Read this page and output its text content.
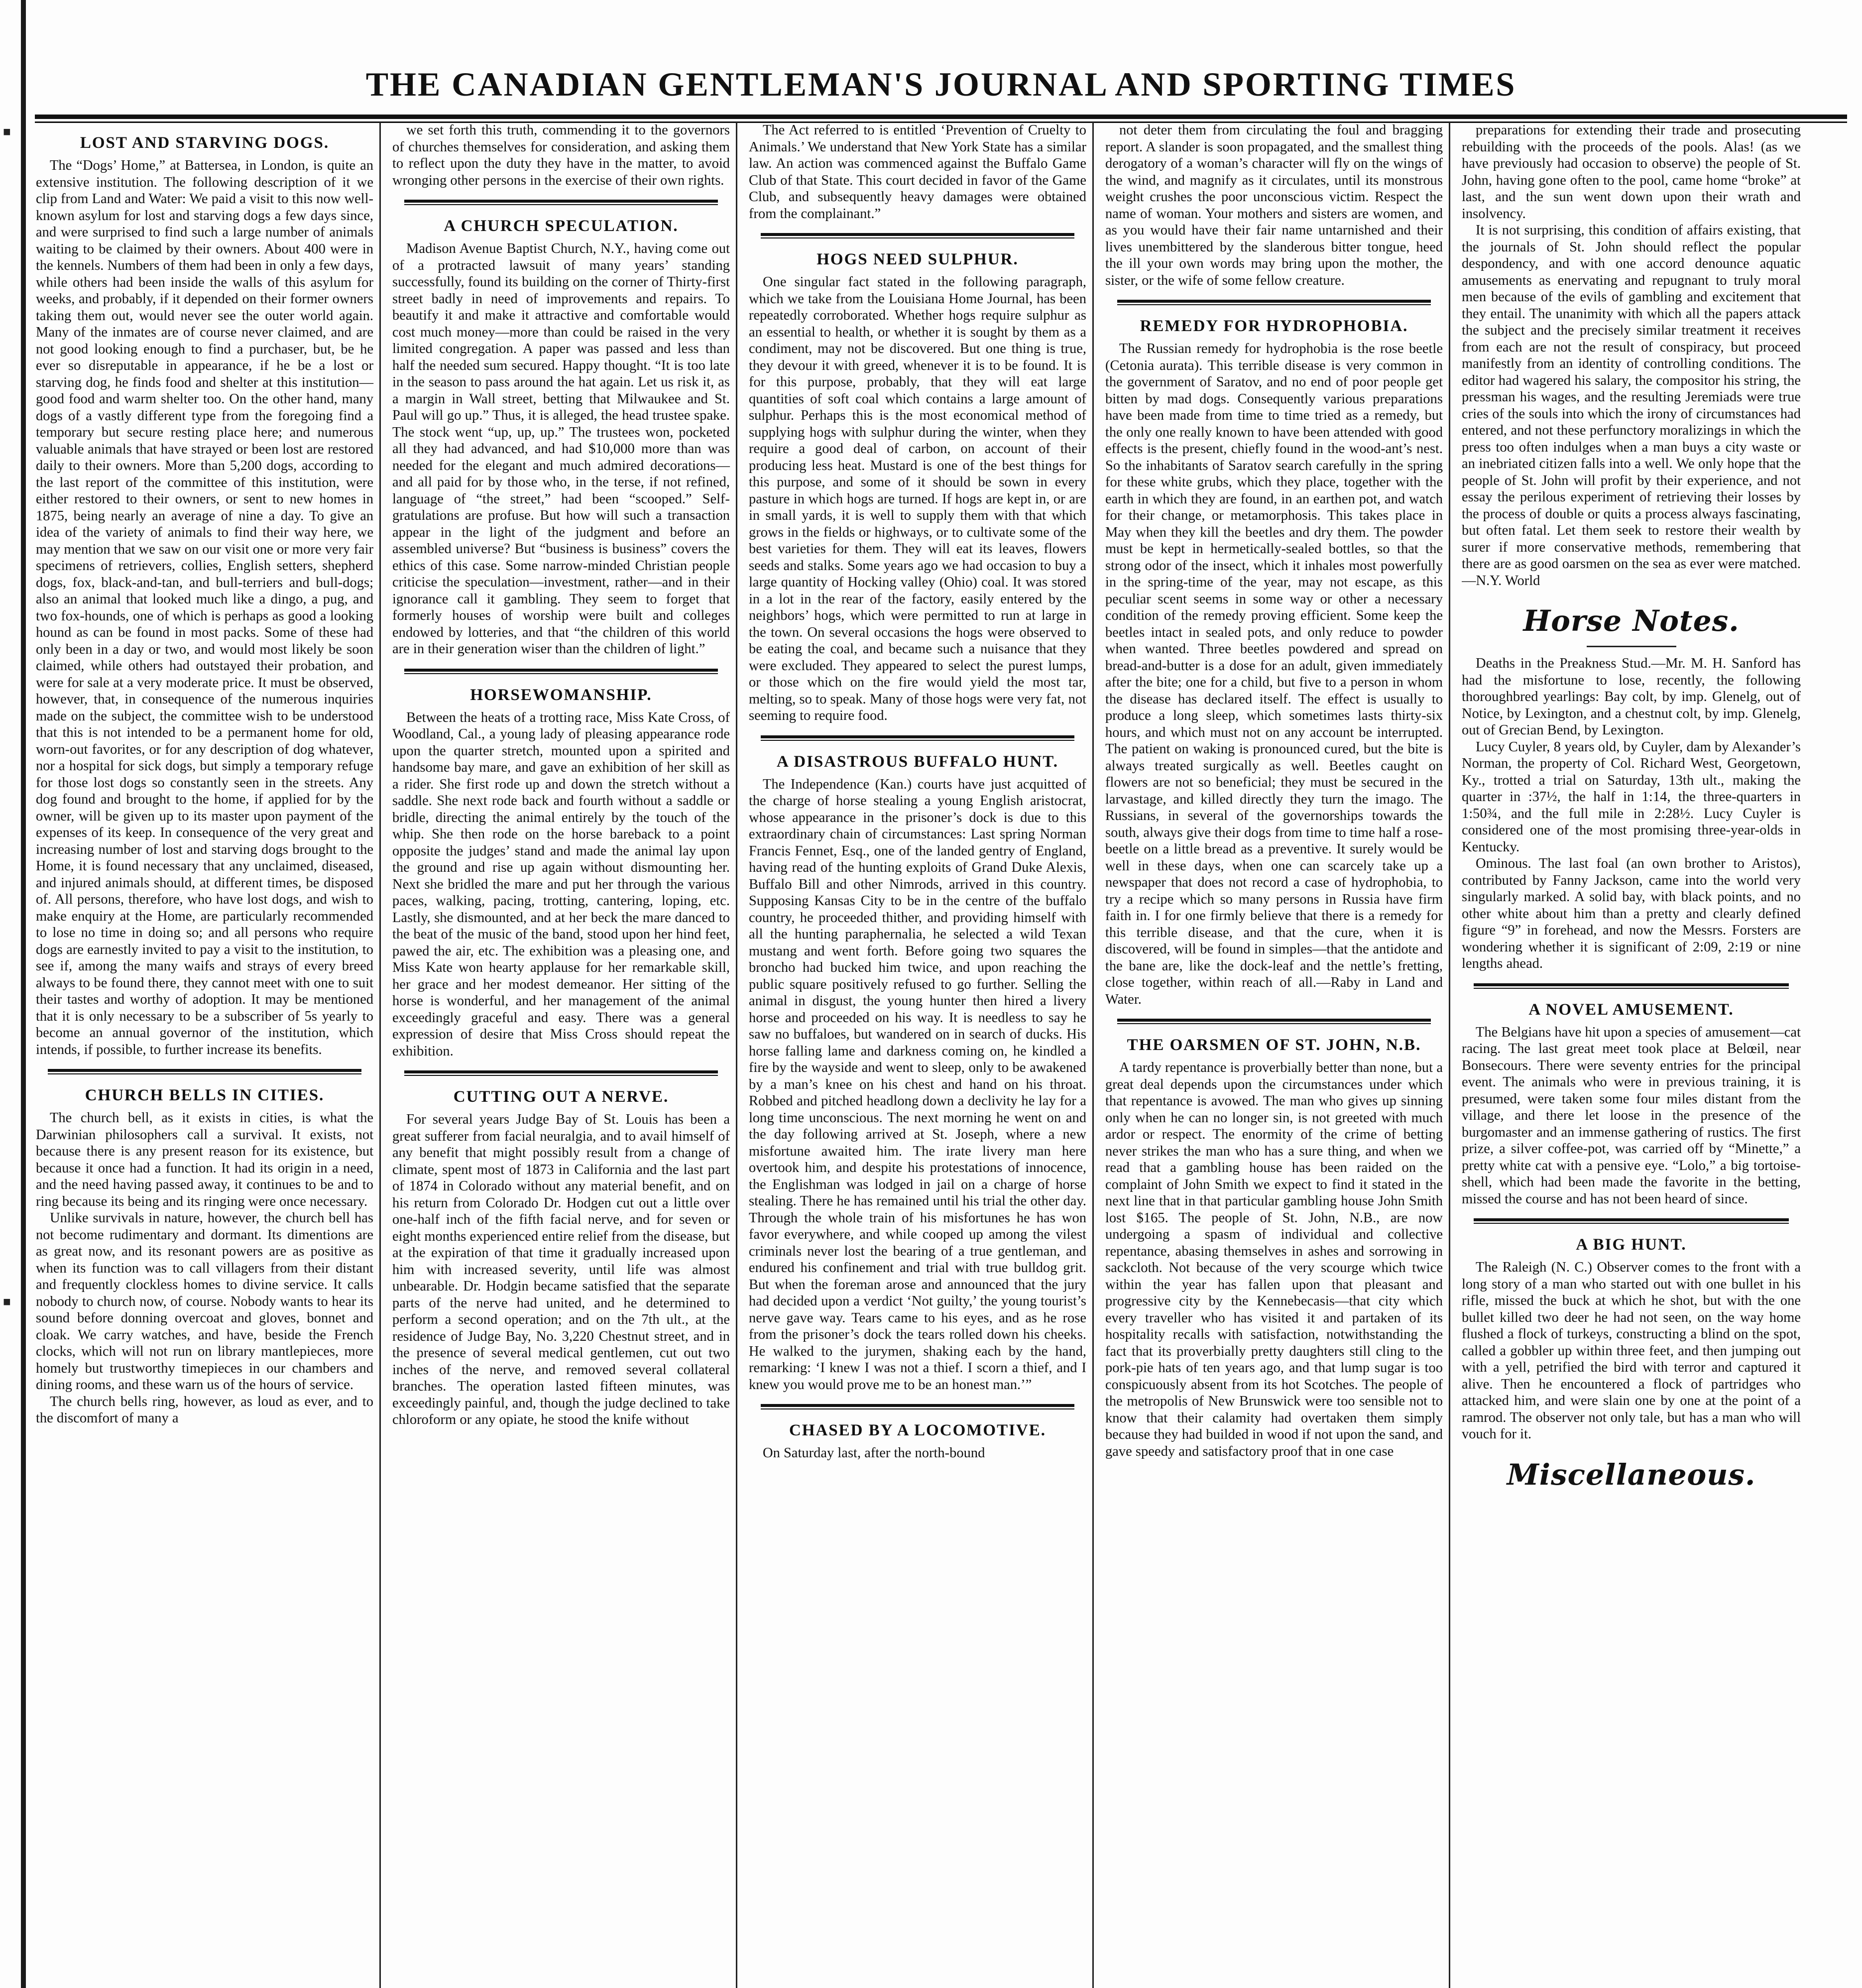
■
■
THE CANADIAN GENTLEMAN'S JOURNAL AND SPORTING TIMES
LOST AND STARVING DOGS.

The “Dogs’ Home,” at Battersea, in London, is quite an extensive institution. The following description of it we clip from Land and Water: We paid a visit to this now well-known asylum for lost and starving dogs a few days since, and were surprised to find such a large number of animals waiting to be claimed by their owners. About 400 were in the kennels. Numbers of them had been in only a few days, while others had been inside the walls of this asylum for weeks, and probably, if it depended on their former owners taking them out, would never see the outer world again. Many of the inmates are of course never claimed, and are not good looking enough to find a purchaser, but, be he ever so disreputable in appearance, if he be a lost or starving dog, he finds food and shelter at this institution—good food and warm shelter too. On the other hand, many dogs of a vastly different type from the foregoing find a temporary but secure resting place here; and numerous valuable animals that have strayed or been lost are restored daily to their owners. More than 5,200 dogs, according to the last report of the committee of this institution, were either restored to their owners, or sent to new homes in 1875, being nearly an average of nine a day. To give an idea of the variety of animals to find their way here, we may mention that we saw on our visit one or more very fair specimens of retrievers, collies, English setters, shepherd dogs, fox, black-and-tan, and bull-terriers and bull-dogs; also an animal that looked much like a dingo, a pug, and two fox-hounds, one of which is perhaps as good a looking hound as can be found in most packs. Some of these had only been in a day or two, and would most likely be soon claimed, while others had outstayed their probation, and were for sale at a very moderate price. It must be observed, however, that, in consequence of the numerous inquiries made on the subject, the committee wish to be understood that this is not intended to be a permanent home for old, worn-out favorites, or for any description of dog whatever, nor a hospital for sick dogs, but simply a temporary refuge for those lost dogs so constantly seen in the streets. Any dog found and brought to the home, if applied for by the owner, will be given up to its master upon payment of the expenses of its keep. In consequence of the very great and increasing number of lost and starving dogs brought to the Home, it is found necessary that any unclaimed, diseased, and injured animals should, at different times, be disposed of. All persons, therefore, who have lost dogs, and wish to make enquiry at the Home, are particularly recommended to lose no time in doing so; and all persons who require dogs are earnestly invited to pay a visit to the institution, to see if, among the many waifs and strays of every breed always to be found there, they cannot meet with one to suit their tastes and worthy of adoption. It may be mentioned that it is only necessary to be a subscriber of 5s yearly to become an annual governor of the institution, which intends, if possible, to further increase its benefits.

CHURCH BELLS IN CITIES.

The church bell, as it exists in cities, is what the Darwinian philosophers call a survival. It exists, not because there is any present reason for its existence, but because it once had a function. It had its origin in a need, and the need having passed away, it continues to be and to ring because its being and its ringing were once necessary.

Unlike survivals in nature, however, the church bell has not become rudimentary and dormant. Its dimentions are as great now, and its resonant powers are as positive as when its function was to call villagers from their distant and frequently clockless homes to divine service. It calls nobody to church now, of course. Nobody wants to hear its sound before donning overcoat and gloves, bonnet and cloak. We carry watches, and have, beside the French clocks, which will not run on library mantlepieces, more homely but trustworthy timepieces in our chambers and dining rooms, and these warn us of the hours of service.

The church bells ring, however, as loud as ever, and to the discomfort of many a

we set forth this truth, commending it to the governors of churches themselves for consideration, and asking them to reflect upon the duty they have in the matter, to avoid wronging other persons in the exercise of their own rights.

A CHURCH SPECULATION.

Madison Avenue Baptist Church, N.Y., having come out of a protracted lawsuit of many years’ standing successfully, found its building on the corner of Thirty-first street badly in need of improvements and repairs. To beautify it and make it attractive and comfortable would cost much money—more than could be raised in the very limited congregation. A paper was passed and less than half the needed sum secured. Happy thought. “It is too late in the season to pass around the hat again. Let us risk it, as a margin in Wall street, betting that Milwaukee and St. Paul will go up.” Thus, it is alleged, the head trustee spake. The stock went “up, up, up.” The trustees won, pocketed all they had advanced, and had $10,000 more than was needed for the elegant and much admired decorations—and all paid for by those who, in the terse, if not refined, language of “the street,” had been “scooped.” Self-gratulations are profuse. But how will such a transaction appear in the light of the judgment and before an assembled universe? But “business is business” covers the ethics of this case. Some narrow-minded Christian people criticise the speculation—investment, rather—and in their ignorance call it gambling. They seem to forget that formerly houses of worship were built and colleges endowed by lotteries, and that “the children of this world are in their generation wiser than the children of light.”

HORSEWOMANSHIP.

Between the heats of a trotting race, Miss Kate Cross, of Woodland, Cal., a young lady of pleasing appearance rode upon the quarter stretch, mounted upon a spirited and handsome bay mare, and gave an exhibition of her skill as a rider. She first rode up and down the stretch without a saddle. She next rode back and fourth without a saddle or bridle, directing the animal entirely by the touch of the whip. She then rode on the horse bareback to a point opposite the judges’ stand and made the animal lay upon the ground and rise up again without dismounting her. Next she bridled the mare and put her through the various paces, walking, pacing, trotting, cantering, loping, etc. Lastly, she dismounted, and at her beck the mare danced to the beat of the music of the band, stood upon her hind feet, pawed the air, etc. The exhibition was a pleasing one, and Miss Kate won hearty applause for her remarkable skill, her grace and her modest demeanor. Her sitting of the horse is wonderful, and her management of the animal exceedingly graceful and easy. There was a general expression of desire that Miss Cross should repeat the exhibition.

CUTTING OUT A NERVE.

For several years Judge Bay of St. Louis has been a great sufferer from facial neuralgia, and to avail himself of any benefit that might possibly result from a change of climate, spent most of 1873 in California and the last part of 1874 in Colorado without any material benefit, and on his return from Colorado Dr. Hodgen cut out a little over one-half inch of the fifth facial nerve, and for seven or eight months experienced entire relief from the disease, but at the expiration of that time it gradually increased upon him with increased severity, until life was almost unbearable. Dr. Hodgin became satisfied that the separate parts of the nerve had united, and he determined to perform a second operation; and on the 7th ult., at the residence of Judge Bay, No. 3,220 Chestnut street, and in the presence of several medical gentlemen, cut out two inches of the nerve, and removed several collateral branches. The operation lasted fifteen minutes, was exceedingly painful, and, though the judge declined to take chloroform or any opiate, he stood the knife without

The Act referred to is entitled ‘Prevention of Cruelty to Animals.’ We understand that New York State has a similar law. An action was commenced against the Buffalo Game Club of that State. This court decided in favor of the Game Club, and subsequently heavy damages were obtained from the complainant.”

HOGS NEED SULPHUR.

One singular fact stated in the following paragraph, which we take from the Louisiana Home Journal, has been repeatedly corroborated. Whether hogs require sulphur as an essential to health, or whether it is sought by them as a condiment, may not be discovered. But one thing is true, they devour it with greed, whenever it is to be found. It is for this purpose, probably, that they will eat large quantities of soft coal which contains a large amount of sulphur. Perhaps this is the most economical method of supplying hogs with sulphur during the winter, when they require a good deal of carbon, on account of their producing less heat. Mustard is one of the best things for this purpose, and some of it should be sown in every pasture in which hogs are turned. If hogs are kept in, or are in small yards, it is well to supply them with that which grows in the fields or highways, or to cultivate some of the best varieties for them. They will eat its leaves, flowers seeds and stalks. Some years ago we had occasion to buy a large quantity of Hocking valley (Ohio) coal. It was stored in a lot in the rear of the factory, easily entered by the neighbors’ hogs, which were permitted to run at large in the town. On several occasions the hogs were observed to be eating the coal, and became such a nuisance that they were excluded. They appeared to select the purest lumps, or those which on the fire would yield the most tar, melting, so to speak. Many of those hogs were very fat, not seeming to require food.

A DISASTROUS BUFFALO HUNT.

The Independence (Kan.) courts have just acquitted of the charge of horse stealing a young English aristocrat, whose appearance in the prisoner’s dock is due to this extraordinary chain of circumstances: Last spring Norman Francis Fennet, Esq., one of the landed gentry of England, having read of the hunting exploits of Grand Duke Alexis, Buffalo Bill and other Nimrods, arrived in this country. Supposing Kansas City to be in the centre of the buffalo country, he proceeded thither, and providing himself with all the hunting paraphernalia, he selected a wild Texan mustang and went forth. Before going two squares the broncho had bucked him twice, and upon reaching the public square positively refused to go further. Selling the animal in disgust, the young hunter then hired a livery horse and proceeded on his way. It is needless to say he saw no buffaloes, but wandered on in search of ducks. His horse falling lame and darkness coming on, he kindled a fire by the wayside and went to sleep, only to be awakened by a man’s knee on his chest and hand on his throat. Robbed and pitched headlong down a declivity he lay for a long time unconscious. The next morning he went on and the day following arrived at St. Joseph, where a new misfortune awaited him. The irate livery man here overtook him, and despite his protestations of innocence, the Englishman was lodged in jail on a charge of horse stealing. There he has remained until his trial the other day. Through the whole train of his misfortunes he has won favor everywhere, and while cooped up among the vilest criminals never lost the bearing of a true gentleman, and endured his confinement and trial with true bulldog grit. But when the foreman arose and announced that the jury had decided upon a verdict ‘Not guilty,’ the young tourist’s nerve gave way. Tears came to his eyes, and as he rose from the prisoner’s dock the tears rolled down his cheeks. He walked to the jurymen, shaking each by the hand, remarking: ‘I knew I was not a thief. I scorn a thief, and I knew you would prove me to be an honest man.’”

CHASED BY A LOCOMOTIVE.

On Saturday last, after the north-bound

not deter them from circulating the foul and bragging report. A slander is soon propagated, and the smallest thing derogatory of a woman’s character will fly on the wings of the wind, and magnify as it circulates, until its monstrous weight crushes the poor unconscious victim. Respect the name of woman. Your mothers and sisters are women, and as you would have their fair name untarnished and their lives unembittered by the slanderous bitter tongue, heed the ill your own words may bring upon the mother, the sister, or the wife of some fellow creature.

REMEDY FOR HYDROPHOBIA.

The Russian remedy for hydrophobia is the rose beetle (Cetonia aurata). This terrible disease is very common in the government of Saratov, and no end of poor people get bitten by mad dogs. Consequently various preparations have been made from time to time tried as a remedy, but the only one really known to have been attended with good effects is the present, chiefly found in the wood-ant’s nest. So the inhabitants of Saratov search carefully in the spring for these white grubs, which they place, together with the earth in which they are found, in an earthen pot, and watch for their change, or metamorphosis. This takes place in May when they kill the beetles and dry them. The powder must be kept in hermetically-sealed bottles, so that the strong odor of the insect, which it inhales most powerfully in the spring-time of the year, may not escape, as this peculiar scent seems in some way or other a necessary condition of the remedy proving efficient. Some keep the beetles intact in sealed pots, and only reduce to powder when wanted. Three beetles powdered and spread on bread-and-butter is a dose for an adult, given immediately after the bite; one for a child, but five to a person in whom the disease has declared itself. The effect is usually to produce a long sleep, which sometimes lasts thirty-six hours, and which must not on any account be interrupted. The patient on waking is pronounced cured, but the bite is always treated surgically as well. Beetles caught on flowers are not so beneficial; they must be secured in the larvastage, and killed directly they turn the imago. The Russians, in several of the governorships towards the south, always give their dogs from time to time half a rose-beetle on a little bread as a preventive. It surely would be well in these days, when one can scarcely take up a newspaper that does not record a case of hydrophobia, to try a recipe which so many persons in Russia have firm faith in. I for one firmly believe that there is a remedy for this terrible disease, and that the cure, when it is discovered, will be found in simples—that the antidote and the bane are, like the dock-leaf and the nettle’s fretting, close together, within reach of all.—Raby in Land and Water.

THE OARSMEN OF ST. JOHN, N.B.

A tardy repentance is proverbially better than none, but a great deal depends upon the circumstances under which that repentance is avowed. The man who gives up sinning only when he can no longer sin, is not greeted with much ardor or respect. The enormity of the crime of betting never strikes the man who has a sure thing, and when we read that a gambling house has been raided on the complaint of John Smith we expect to find it stated in the next line that in that particular gambling house John Smith lost $165. The people of St. John, N.B., are now undergoing a spasm of individual and collective repentance, abasing themselves in ashes and sorrowing in sackcloth. Not because of the very scourge which twice within the year has fallen upon that pleasant and progressive city by the Kennebecasis—that city which every traveller who has visited it and partaken of its hospitality recalls with satisfaction, notwithstanding the fact that its proverbially pretty daughters still cling to the pork-pie hats of ten years ago, and that lump sugar is too conspicuously absent from its hot Scotches. The people of the metropolis of New Brunswick were too sensible not to know that their calamity had overtaken them simply because they had builded in wood if not upon the sand, and gave speedy and satisfactory proof that in one case

preparations for extending their trade and prosecuting rebuilding with the proceeds of the pools. Alas! (as we have previously had occasion to observe) the people of St. John, having gone often to the pool, came home “broke” at last, and the sun went down upon their wrath and insolvency.

It is not surprising, this condition of affairs existing, that the journals of St. John should reflect the popular despondency, and with one accord denounce aquatic amusements as enervating and repugnant to truly moral men because of the evils of gambling and excitement that they entail. The unanimity with which all the papers attack the subject and the precisely similar treatment it receives from each are not the result of conspiracy, but proceed manifestly from an identity of controlling conditions. The editor had wagered his salary, the compositor his string, the pressman his wages, and the resulting Jeremiads were true cries of the souls into which the irony of circumstances had entered, and not these perfunctory moralizings in which the press too often indulges when a man buys a city waste or an inebriated citizen falls into a well. We only hope that the people of St. John will profit by their experience, and not essay the perilous experiment of retrieving their losses by the process of double or quits a process always fascinating, but often fatal. Let them seek to restore their wealth by surer if more conservative methods, remembering that there are as good oarsmen on the sea as ever were matched.—N.Y. World

Horse Notes.

Deaths in the Preakness Stud.—Mr. M. H. Sanford has had the misfortune to lose, recently, the following thoroughbred yearlings: Bay colt, by imp. Glenelg, out of Notice, by Lexington, and a chestnut colt, by imp. Glenelg, out of Grecian Bend, by Lexington.

Lucy Cuyler, 8 years old, by Cuyler, dam by Alexander’s Norman, the property of Col. Richard West, Georgetown, Ky., trotted a trial on Saturday, 13th ult., making the quarter in :37½, the half in 1:14, the three-quarters in 1:50¾, and the full mile in 2:28½. Lucy Cuyler is considered one of the most promising three-year-olds in Kentucky.

Ominous. The last foal (an own brother to Aristos), contributed by Fanny Jackson, came into the world very singularly marked. A solid bay, with black points, and no other white about him than a pretty and clearly defined figure “9” in forehead, and now the Messrs. Forsters are wondering whether it is significant of 2:09, 2:19 or nine lengths ahead.

A NOVEL AMUSEMENT.

The Belgians have hit upon a species of amusement—cat racing. The last great meet took place at Belœil, near Bonsecours. There were seventy entries for the principal event. The animals who were in previous training, it is presumed, were taken some four miles distant from the village, and there let loose in the presence of the burgomaster and an immense gathering of rustics. The first prize, a silver coffee-pot, was carried off by “Minette,” a pretty white cat with a pensive eye. “Lolo,” a big tortoise-shell, which had been made the favorite in the betting, missed the course and has not been heard of since.

A BIG HUNT.

The Raleigh (N. C.) Observer comes to the front with a long story of a man who started out with one bullet in his rifle, missed the buck at which he shot, but with the one bullet killed two deer he had not seen, on the way home flushed a flock of turkeys, constructing a blind on the spot, called a gobbler up within three feet, and then jumping out with a yell, petrified the bird with terror and captured it alive. Then he encountered a flock of partridges who attacked him, and were slain one by one at the point of a ramrod. The observer not only tale, but has a man who will vouch for it.

Miscellaneous.
